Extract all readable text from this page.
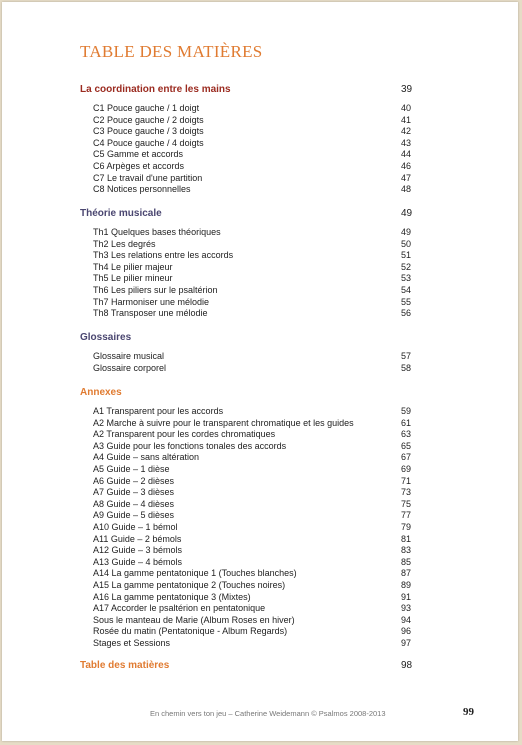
TABLE DES MATIÈRES
En chemin vers ton jeu – Catherine Weidemann © Psalmos 2008-2013	99
La coordination entre les mains	39
C1 Pouce gauche / 1 doigt	40
C2 Pouce gauche / 2 doigts	41
C3 Pouce gauche / 3 doigts	42
C4 Pouce gauche / 4 doigts	43
C5 Gamme et accords	44
C6 Arpèges et accords	46
C7 Le travail d'une partition	47
C8 Notices personnelles	48
Théorie musicale	49
Th1 Quelques bases théoriques	49
Th2 Les degrés	50
Th3 Les relations entre les accords	51
Th4 Le pilier majeur	52
Th5 Le pilier mineur	53
Th6 Les piliers sur le psaltérion	54
Th7 Harmoniser une mélodie	55
Th8 Transposer une mélodie	56
Glossaires
Glossaire musical	57
Glossaire corporel	58
Annexes
A1 Transparent pour les accords	59
A2 Marche à suivre pour le transparent chromatique et les guides	61
A2 Transparent pour les cordes chromatiques	63
A3 Guide pour les fonctions tonales des accords	65
A4 Guide – sans altération	67
A5 Guide – 1 dièse	69
A6 Guide – 2 dièses	71
A7 Guide – 3 dièses	73
A8 Guide – 4 dièses	75
A9 Guide – 5 dièses	77
A10 Guide – 1 bémol	79
A11 Guide – 2 bémols	81
A12 Guide – 3 bémols	83
A13 Guide – 4 bémols	85
A14 La gamme pentatonique 1 (Touches blanches)	87
A15 La gamme pentatonique 2 (Touches noires)	89
A16 La gamme pentatonique 3 (Mixtes)	91
A17 Accorder le psaltérion en pentatonique	93
Sous le manteau de Marie (Album Roses en hiver)	94
Rosée du matin (Pentatonique - Album Regards)	96
Stages et Sessions	97
Table des matières	98
